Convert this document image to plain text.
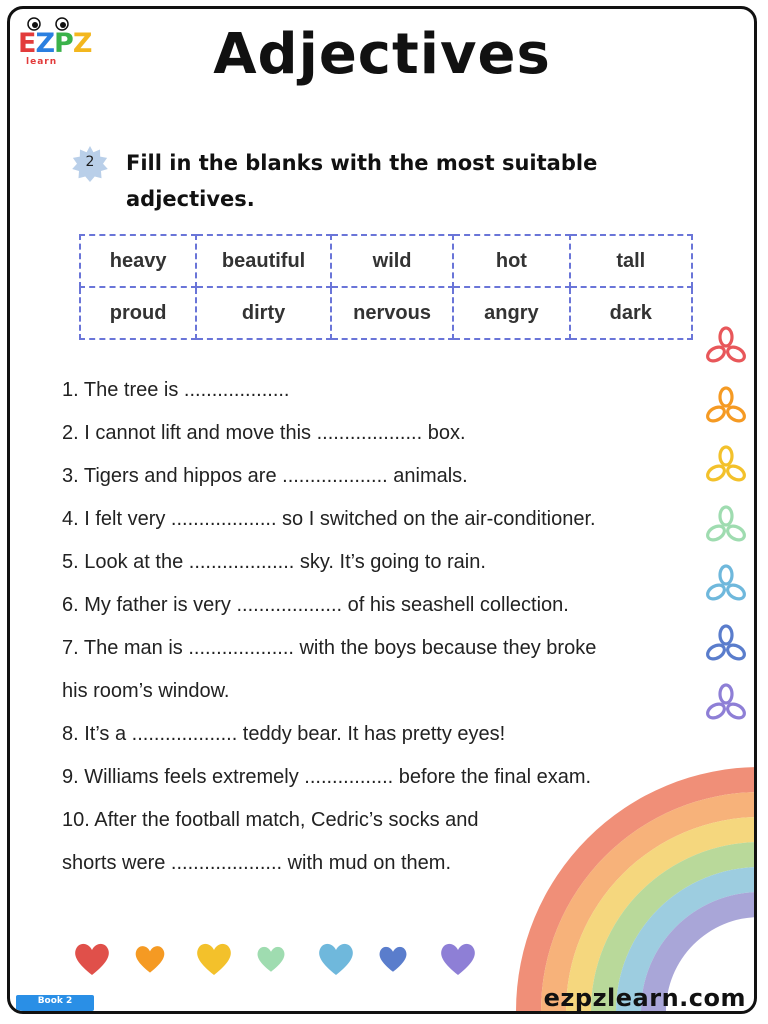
EZPZ
learn	Adjectives
2	Fill in the blanks with the most suitable
adjectives.
heavy	beautiful	wild	hot	tall
proud	dirty	nervous	angry	dark
1. The tree is ...................
2. I cannot lift and move this ................... box.
3. Tigers and hippos are ................... animals.
4. I felt very ................... so I switched on the air-conditioner.
5. Look at the ................... sky. It’s going to rain.
6. My father is very ................... of his seashell collection.
7. The man is ................... with the boys because they broke
his room’s window.
8. It’s a ................... teddy bear. It has pretty eyes!
9. Williams feels extremely ................ before the final exam.
10. After the football match, Cedric’s socks and
shorts were .................... with mud on them.
Book 2	ezpzlearn.com
